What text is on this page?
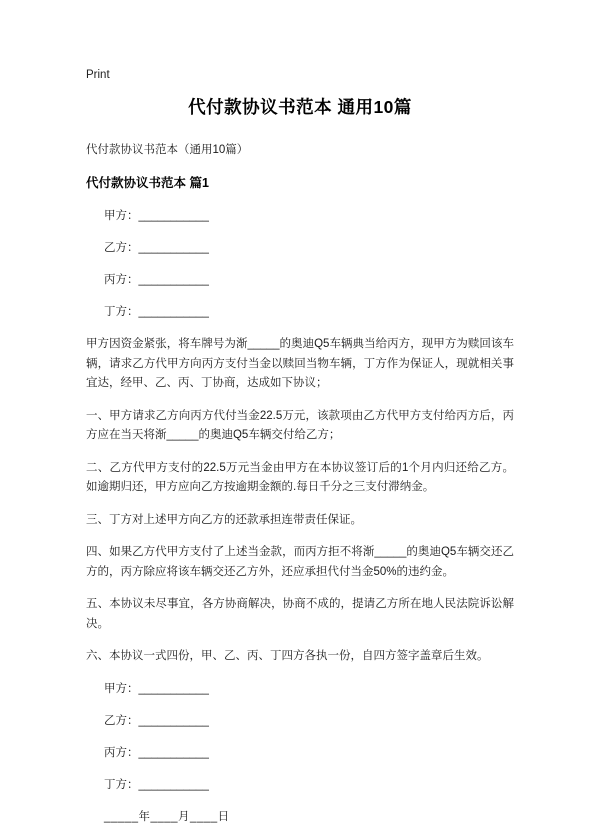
Print
代付款协议书范本 通用10篇

代付款协议书范本（通用10篇）

代付款协议书范本 篇1

甲方：___________

乙方：___________

丙方：___________

丁方：___________

甲方因资金紧张，将车牌号为渐_____的奥迪Q5车辆典当给丙方，现甲方为赎回该车辆，请求乙方代甲方向丙方支付当金以赎回当物车辆，丁方作为保证人，现就相关事宜达，经甲、乙、丙、丁协商，达成如下协议；

一、甲方请求乙方向丙方代付当金22.5万元，该款项由乙方代甲方支付给丙方后，丙方应在当天将渐_____的奥迪Q5车辆交付给乙方；

二、乙方代甲方支付的22.5万元当金由甲方在本协议签订后的1个月内归还给乙方。如逾期归还，甲方应向乙方按逾期金额的.每日千分之三支付滞纳金。

三、丁方对上述甲方向乙方的还款承担连带责任保证。

四、如果乙方代甲方支付了上述当金款，而丙方拒不将渐_____的奥迪Q5车辆交还乙方的，丙方除应将该车辆交还乙方外，还应承担代付当金50%的违约金。

五、本协议未尽事宜，各方协商解决，协商不成的，提请乙方所在地人民法院诉讼解决。

六、本协议一式四份，甲、乙、丙、丁四方各执一份，自四方签字盖章后生效。

甲方：___________

乙方：___________

丙方：___________

丁方：___________

_____年____月____日
